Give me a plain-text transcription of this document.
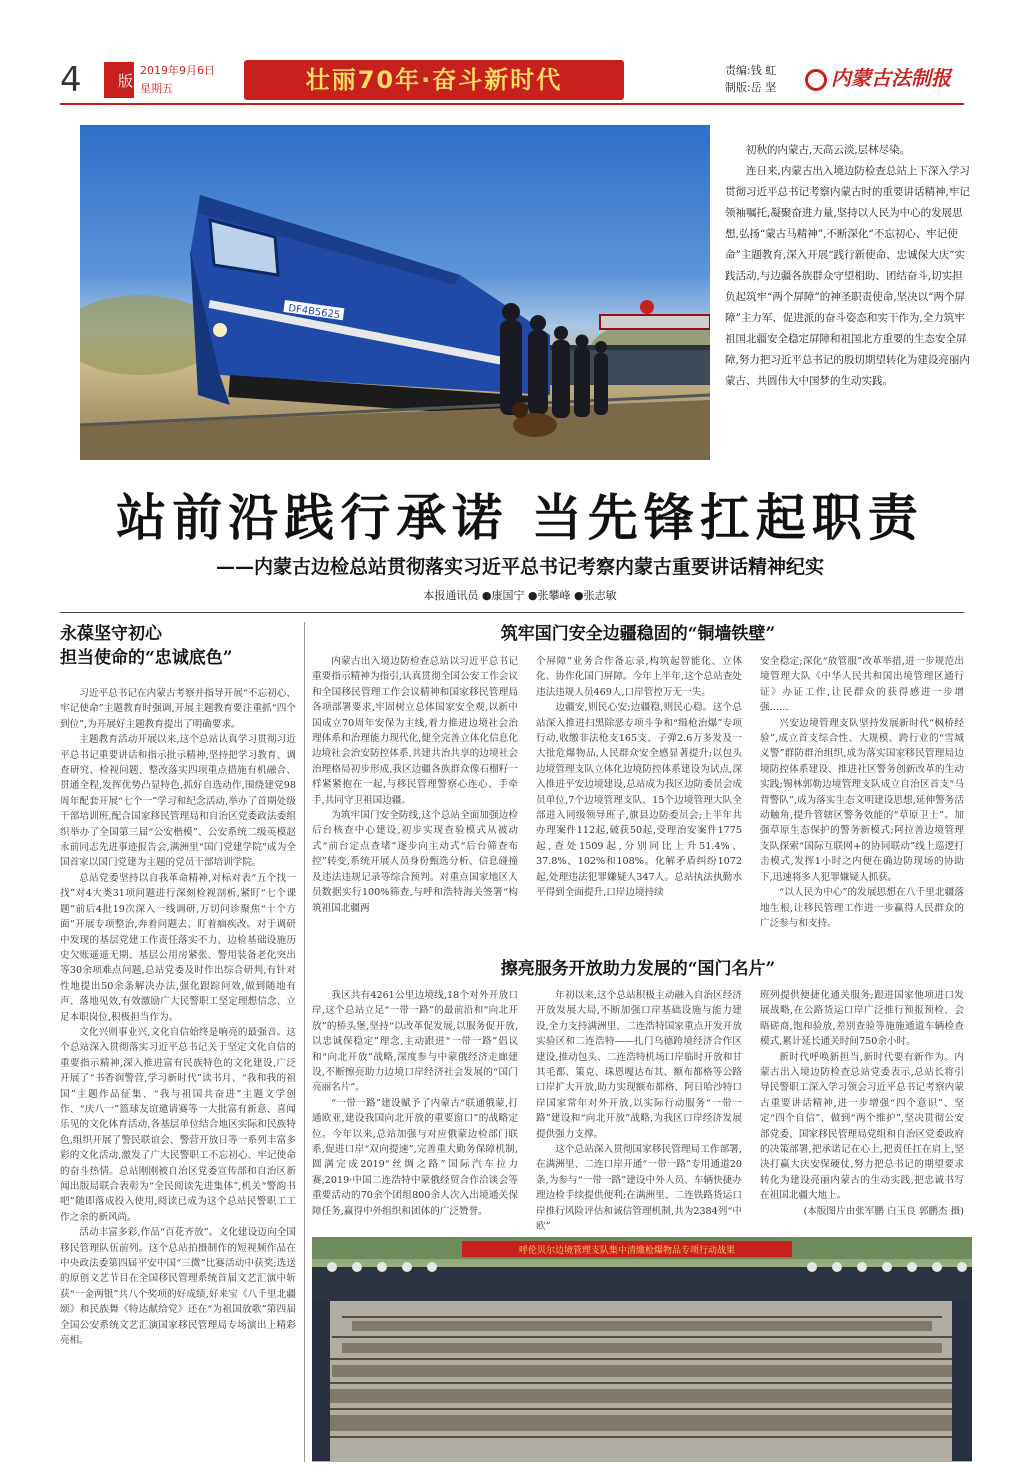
4	版
2019年9月6日
星期五	壮丽70年·奋斗新时代	责编:钱 虹
制版:岳 坚	内蒙古法制报
DF4B5625

初秋的内蒙古,天高云淡,层林尽染。

连日来,内蒙古出入境边防检查总站上下深入学习贯彻习近平总书记考察内蒙古时的重要讲话精神,牢记领袖嘱托,凝聚奋进力量,坚持以人民为中心的发展思想,弘扬“蒙古马精神”,不断深化“不忘初心、牢记使命”主题教育,深入开展“践行新使命、忠诚保大庆”实践活动,与边疆各族群众守望相助、团结奋斗,切实担负起筑牢“两个屏障”的神圣职责使命,坚决以“两个屏障”主力军、促进派的奋斗姿态和实干作为,全力筑牢祖国北疆安全稳定屏障和祖国北方重要的生态安全屏障,努力把习近平总书记的殷切期望转化为建设亮丽内蒙古、共圆伟大中国梦的生动实践。

站前沿践行承诺 当先锋扛起职责
——内蒙古边检总站贯彻落实习近平总书记考察内蒙古重要讲话精神纪实
本报通讯员 ●康国宁 ●张攀峰 ●张志敏
永葆坚守初心
担当使命的“忠诚底色”

习近平总书记在内蒙古考察并指导开展“不忘初心、牢记使命”主题教育时强调,开展主题教育要注重抓“四个到位”,为开展好主题教育提出了明确要求。

主题教育活动开展以来,这个总站认真学习贯彻习近平总书记重要讲话和指示批示精神,坚持把学习教育、调查研究、检视问题、整改落实四项重点措施有机融合、贯通全程,发挥优势凸显特色,抓好自选动作,围绕建党98周年配套开展“七个一”学习和纪念活动,举办了首期处级干部培训班,配合国家移民管理局和自治区党委政法委组织举办了全国第三届“公安楷模”、公安系统二级英模赵永前同志先进事迹报告会,满洲里“国门党建学院”成为全国首家以国门党建为主题的党员干部培训学院。

总站党委坚持以自我革命精神,对标对表“五个找一找”对4大类31项问题进行深刻检视剖析,紧盯“七个课题”前后4批19次深入一线调研,万切问诊聚焦“十个方面”开展专项整治,奔着问题去、盯着痼疾改。对于调研中发现的基层党建工作责任落实不力、边检基础设施历史欠账遥遥无期、基层公用房紧张、警用装备老化突出等30余项难点问题,总站党委及时作出综合研判,有针对性地提出50余条解决办法,强化跟踪问效,做到随地有声、落地见效,有效激励广大民警职工坚定理想信念、立足本职岗位,积极担当作为。

文化兴则事业兴,文化自信始终是响亮的最强音。这个总站深入贯彻落实习近平总书记关于坚定文化自信的重要指示精神,深入推进富有民族特色的文化建设,广泛开展了“书香润警营,学习新时代”读书月、“我和我的祖国”主题作品征集、“我与祖国共奋进”主题文学创作、“庆八一”篮球友谊邀请赛等一大批富有新意、喜闻乐见的文化体育活动,各基层单位结合地区实际和民族特色,组织开展了警民联谊会、警营开放日等一系列丰富多彩的文化活动,激发了广大民警职工不忘初心、牢记使命的奋斗热情。总站刚刚被自治区党委宣传部和自治区新闻出版局联合表彰为“全民阅读先进集体”,机关“警韵书吧”随即落成投入使用,阅读已成为这个总站民警职工工作之余的新风尚。

活动丰富多彩,作品“百花齐放”。文化建设迈向全国移民管理队伍前列。这个总站拍摄制作的短视频作品在中央政法委第四届平安中国“三微”比赛活动中获奖;选送的原创文艺节目在全国移民管理系统首届文艺汇演中斩获“一金两银”共八个奖项的好成绩,好来宝《八千里北疆颂》和民族舞《特达献给党》还在“为祖国放歌”第四届全国公安系统文艺汇演国家移民管理局专场演出上精彩亮相。

筑牢国门安全边疆稳固的“铜墙铁壁”

内蒙古出入境边防检查总站以习近平总书记重要指示精神为指引,认真贯彻全国公安工作会议和全国移民管理工作会议精神和国家移民管理局各项部署要求,牢固树立总体国家安全观,以新中国成立70周年安保为主线,着力推进边境社会治理体系和治理能力现代化,健全完善立体化信息化边境社会治安防控体系,共建共治共享的边境社会治理格局初步形成,我区边疆各族群众像石榴籽一样紧紧抱在一起,与移民管理警察心连心、手牵手,共同守卫祖国边疆。

为筑牢国门安全防线,这个总站全面加强边检后台核查中心建设,初步实现查验模式从被动式“前台定点查堵”逐步向主动式“后台筛查布控”转变,系统开展人员身份甄选分析、信息碰撞及违法违规记录等综合预判。对重点国家地区人员数据实行100%筛查,与呼和浩特海关签署“构筑祖国北疆两

个屏障”业务合作备忘录,构筑起智能化、立体化、协作化国门屏障。今年上半年,这个总站查处违法违规人员469人,口岸管控万无一失。

边疆安,则民心安;边疆稳,则民心稳。这个总站深入推进扫黑除恶专项斗争和“缉枪治爆”专项行动,收缴非法枪支165支、子弹2.6万多发及一大批危爆物品,人民群众安全感显著提升;以包头边境管理支队立体化边境防控体系建设为试点,深入推进平安边境建设,总站成为我区边防委员会成员单位,7个边境管理支队、15个边境管理大队全部进入同级领导班子,旗县边防委员会;上半年共办理案件112起,破获50起,受理治安案件1775起,查处1509起,分别同比上升51.4%、37.8%、102%和108%。化解矛盾纠纷1072起,处理违法犯罪嫌疑人347人。总站执法执勤水平得到全面提升,口岸边境持续

安全稳定;深化“放管服”改革举措,进一步规范出境管理大队《中华人民共和国出境管理区通行证》办证工作,让民群众的获得感进一步增强……

兴安边境管理支队坚持发展新时代“枫桥经验”,成立首支综合性、大规模、跨行业的“雪城义警”群防群治组织,成为落实国家移民管理局边境防控体系建设、推进社区警务创新改革的生动实践;锡林郭勒边境管理支队成立自治区首支“马背警队”,成为落实生态文明建设思想,延伸警务活动触角,提升管辖区警务效能的“草原卫士”。加强草原生态保护的警务新模式;阿拉善边境管理支队探索“国际互联网+的协同联动”线上巡逻打击模式,发挥1小时之内便在确边防现场的协助下,迅速将多人犯罪嫌疑人抓获。

“以人民为中心”的发展思想在八千里北疆落地生根,让移民管理工作进一步赢得人民群众的广泛参与和支持。

擦亮服务开放助力发展的“国门名片”

我区共有4261公里边境线,18个对外开放口岸,这个总站立足“一带一路”的最前沿和“向北开放”的桥头堡,坚持“以改革促发展,以服务促开放,以忠诚保稳定”理念,主动跟进“一带一路”倡议和“向北开放”战略,深度参与中蒙俄经济走廊建设,不断擦亮助力边境口岸经济社会发展的“国门亮丽名片”。

“一带一路”建设赋予了内蒙古“联通俄蒙,打通欧亚,建设我国向北开放的重要窗口”的战略定位。今年以来,总站加强与对应俄蒙边检部门联系,促进口岸“双向提速”,完善重大勤务保障机制,圆满完成2019“丝绸之路”国际汽车拉力赛,2019·中国二连浩特中蒙俄经贸合作洽谈会等重要活动的70余个团组800余人次入出境通关保障任务,赢得中外组织和团体的广泛赞誉。

年初以来,这个总站积极主动融入自治区经济开放发展大局,不断加强口岸基础设施与能力建设,全力支持满洲里、二连浩特国家重点开发开放实验区和二连浩特——扎门乌德跨境经济合作区建设,推动包头、二连浩特机场口岸临时开放和甘其毛都、策克、珠恩嘎达布其、额布都格等公路口岸扩大开放,助力实现额布都格、阿日哈沙特口岸国家常年对外开放,以实际行动服务“一带一路”建设和“向北开放”战略,为我区口岸经济发展提供强力支撑。

这个总站深入贯彻国家移民管理局工作部署,在满洲里、二连口岸开通“一带一路”专用通道20条,为参与“一带一路”建设中外人员、车辆快捷办理边检手续提供便利;在满洲里、二连铁路货运口岸推行风险评估和诚信管理机制,共为2384列“中欧”

班列提供便捷化通关服务;跟进国家他项进口发展战略,在公路货运口岸广泛推行预报预检、会晤磋商,饱和验放,差别查验等施施通道车辆检查模式,累计延长通关时间750余小时。

新时代呼唤新担当,新时代要有新作为。内蒙古出入境边防检查总站党委表示,总站长将引导民警职工深入学习领会习近平总书记考察内蒙古重要讲话精神,进一步增强“四个意识”、坚定“四个自信”、做到“两个维护”,坚决贯彻公安部党委、国家移民管理局党组和自治区党委政府的决策部署,把承诺记在心上,把责任扛在肩上,坚决打赢大庆安保硬仗,努力把总书记的期望要求转化为建设亮丽内蒙古的生动实践,把忠诚书写在祖国北疆大地上。

(本版图片由张军鹏 白玉良 郭鹏杰 摄)

呼伦贝尔边境管理支队集中清缴枪爆物品专项行动战果
